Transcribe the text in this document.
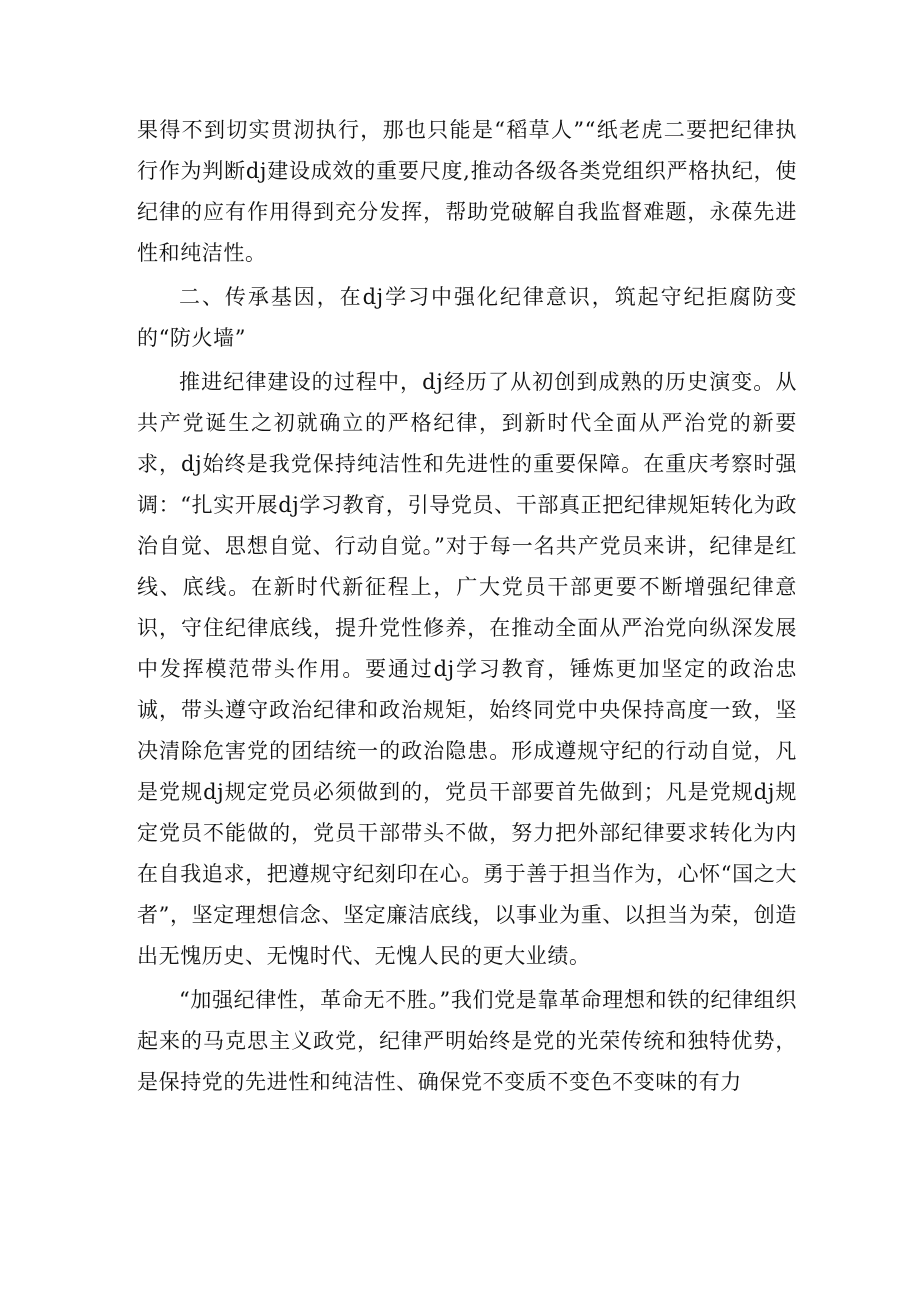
果得不到切实贯沏执行，那也只能是“稻草人”“纸老虎二要把纪律执行作为判断dj建设成效的重要尺度,推动各级各类党组织严格执纪，使纪律的应有作用得到充分发挥，帮助党破解自我监督难题，永葆先进性和纯洁性。

二、传承基因，在dj学习中强化纪律意识，筑起守纪拒腐防变的“防火墙”

推进纪律建设的过程中，dj经历了从初创到成熟的历史演变。从共产党诞生之初就确立的严格纪律，到新时代全面从严治党的新要求，dj始终是我党保持纯洁性和先进性的重要保障。在重庆考察时强调：“扎实开展dj学习教育，引导党员、干部真正把纪律规矩转化为政治自觉、思想自觉、行动自觉。”对于每一名共产党员来讲，纪律是红线、底线。在新时代新征程上，广大党员干部更要不断增强纪律意识，守住纪律底线，提升党性修养，在推动全面从严治党向纵深发展中发挥模范带头作用。要通过dj学习教育，锤炼更加坚定的政治忠诚，带头遵守政治纪律和政治规矩，始终同党中央保持高度一致，坚决清除危害党的团结统一的政治隐患。形成遵规守纪的行动自觉，凡是党规dj规定党员必须做到的，党员干部要首先做到；凡是党规dj规定党员不能做的，党员干部带头不做，努力把外部纪律要求转化为内在自我追求，把遵规守纪刻印在心。勇于善于担当作为，心怀“国之大者”，坚定理想信念、坚定廉洁底线，以事业为重、以担当为荣，创造出无愧历史、无愧时代、无愧人民的更大业绩。

“加强纪律性，革命无不胜。”我们党是靠革命理想和铁的纪律组织起来的马克思主义政党，纪律严明始终是党的光荣传统和独特优势，是保持党的先进性和纯洁性、确保党不变质不变色不变味的有力
